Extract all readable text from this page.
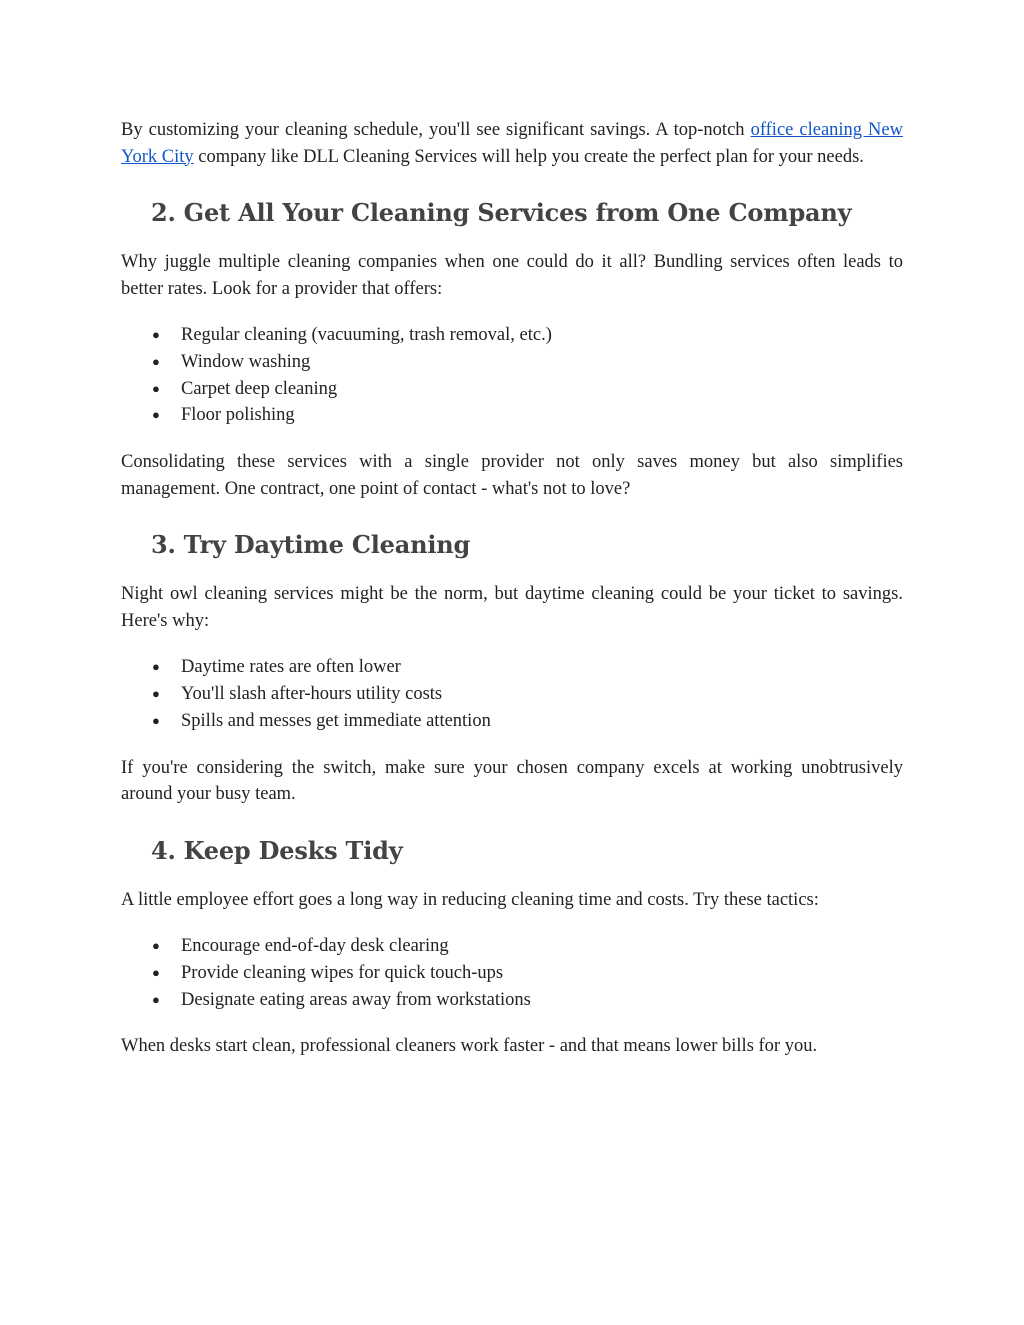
By customizing your cleaning schedule, you'll see significant savings. A top-notch office cleaning New York City company like DLL Cleaning Services will help you create the perfect plan for your needs.

2. Get All Your Cleaning Services from One Company

Why juggle multiple cleaning companies when one could do it all? Bundling services often leads to better rates. Look for a provider that offers:

● Regular cleaning (vacuuming, trash removal, etc.)
● Window washing
● Carpet deep cleaning
● Floor polishing

Consolidating these services with a single provider not only saves money but also simplifies management. One contract, one point of contact - what's not to love?

3. Try Daytime Cleaning

Night owl cleaning services might be the norm, but daytime cleaning could be your ticket to savings. Here's why:

● Daytime rates are often lower
● You'll slash after-hours utility costs
● Spills and messes get immediate attention

If you're considering the switch, make sure your chosen company excels at working unobtrusively around your busy team.

4. Keep Desks Tidy

A little employee effort goes a long way in reducing cleaning time and costs. Try these tactics:

● Encourage end-of-day desk clearing
● Provide cleaning wipes for quick touch-ups
● Designate eating areas away from workstations

When desks start clean, professional cleaners work faster - and that means lower bills for you.
